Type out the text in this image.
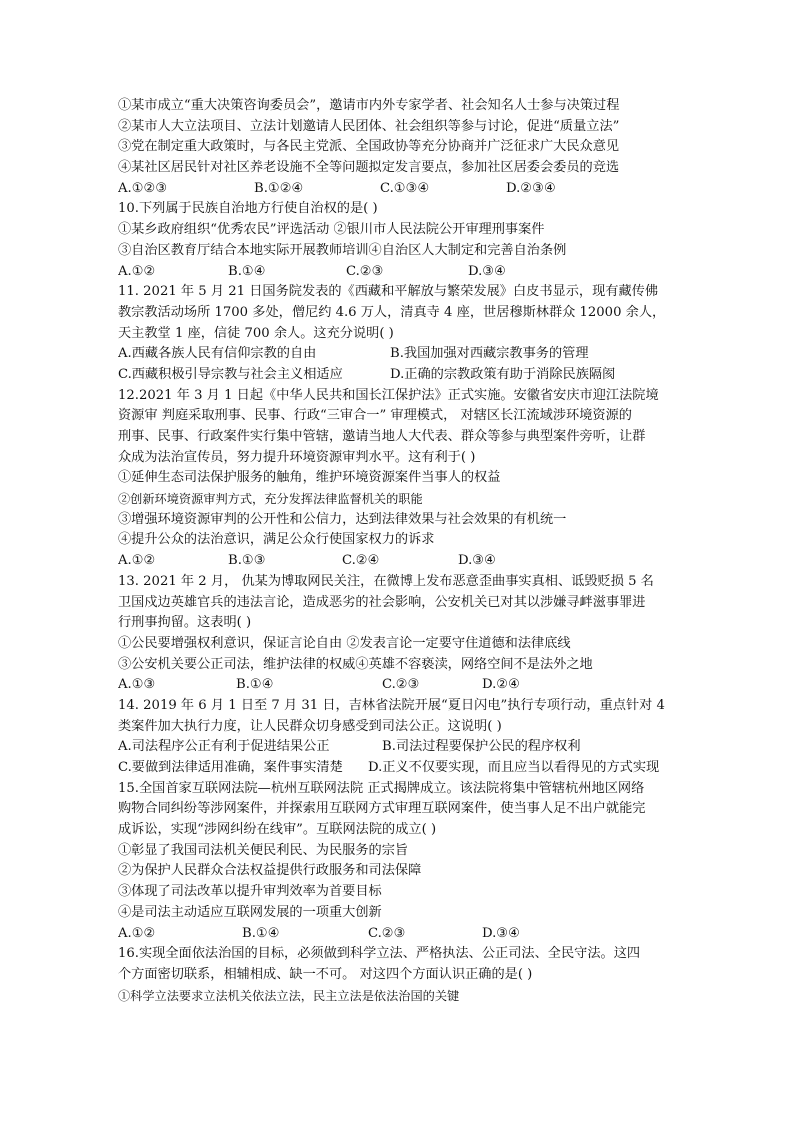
①某市成立“重大决策咨询委员会”，邀请市内外专家学者、社会知名人士参与决策过程
②某市人大立法项目、立法计划邀请人民团体、社会组织等参与讨论，促进“质量立法”
③党在制定重大政策时，与各民主党派、全国政协等充分协商并广泛征求广大民众意见
④某社区居民针对社区养老设施不全等问题拟定发言要点，参加社区居委会委员的竞选
A.①②③	B.①②④	C.①③④	D.②③④
10.下列属于民族自治地方行使自治权的是( )
①某乡政府组织“优秀农民”评选活动 ②银川市人民法院公开审理刑事案件
③自治区教育厅结合本地实际开展教师培训④自治区人大制定和完善自治条例
A.①②	B.①④	C.②③	D.③④
11. 2021 年 5 月 21 日国务院发表的《西藏和平解放与繁荣发展》白皮书显示，现有藏传佛
教宗教活动场所 1700 多处，僧尼约 4.6 万人，清真寺 4 座，世居穆斯林群众 12000 余人，
天主教堂 1 座，信徒 700 余人。这充分说明( )
A.西藏各族人民有信仰宗教的自由	B.我国加强对西藏宗教事务的管理
C.西藏积极引导宗教与社会主义相适应	D.正确的宗教政策有助于消除民族隔阂
12.2021 年 3 月 1 日起《中华人民共和国长江保护法》正式实施。安徽省安庆市迎江法院境
资源审 判庭采取刑事、民事、行政“三审合一” 审理模式， 对辖区长江流域涉环境资源的
刑事、民事、行政案件实行集中管辖，邀请当地人大代表、群众等参与典型案件旁听，让群
众成为法治宣传员，努力提升环境资源审判水平。这有利于( )
①延伸生态司法保护服务的触角，维护环境资源案件当事人的权益
②创新环境资源审判方式，充分发挥法律监督机关的职能
③增强环境资源审判的公开性和公信力，达到法律效果与社会效果的有机统一
④提升公众的法治意识，满足公众行使国家权力的诉求
A.①②	B.①③	C.②④	D.③④
13. 2021 年 2 月， 仇某为博取网民关注，在微博上发布恶意歪曲事实真相、诋毁贬损 5 名
卫国戍边英雄官兵的违法言论，造成恶劣的社会影响，公安机关已对其以涉嫌寻衅滋事罪进
行刑事拘留。这表明( )
①公民要增强权利意识，保证言论自由 ②发表言论一定要守住道德和法律底线
③公安机关要公正司法，维护法律的权威④英雄不容亵渎，网络空间不是法外之地
A.①③	B.①④	C.②③	D.②④
14. 2019 年 6 月 1 日至 7 月 31 日，吉林省法院开展“夏日闪电”执行专项行动，重点针对 4
类案件加大执行力度，让人民群众切身感受到司法公正。这说明( )
A.司法程序公正有利于促进结果公正	B.司法过程要保护公民的程序权利
C.要做到法律适用准确，案件事实清楚	D.正义不仅要实现，而且应当以看得见的方式实现
15.全国首家互联网法院—杭州互联网法院 正式揭牌成立。该法院将集中管辖杭州地区网络
购物合同纠纷等涉网案件，并探索用互联网方式审理互联网案件，使当事人足不出户就能完
成诉讼，实现“涉网纠纷在线审”。互联网法院的成立( )
①彰显了我国司法机关便民利民、为民服务的宗旨
②为保护人民群众合法权益提供行政服务和司法保障
③体现了司法改革以提升审判效率为首要目标
④是司法主动适应互联网发展的一项重大创新
A.①②	B.①④	C.②③	D.③④
16.实现全面依法治国的目标，必须做到科学立法、严格执法、公正司法、全民守法。这四
个方面密切联系，相辅相成、缺一不可。 对这四个方面认识正确的是( )
①科学立法要求立法机关依法立法，民主立法是依法治国的关键
